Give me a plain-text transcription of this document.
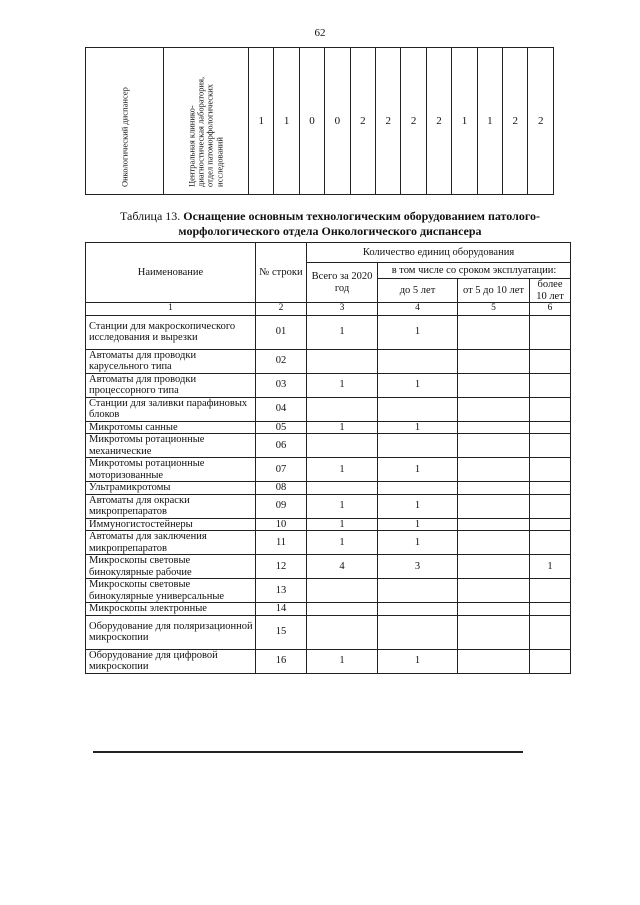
62
Онкологический диспансер	Центральная клинико-диагностическая лаборатория, отдел патоморфологических исследований
	1	1	0	0	2	2	2	2	1	1	2	2
Таблица 13. Оснащение основным технологическим оборудованием патолого-морфологического отдела Онкологического диспансера
Наименование	№ строки	Количество единиц оборудования			
		Всего за 2020 год	в том числе со сроком эксплуатации:		
			до 5 лет	от 5 до 10 лет	более 10 лет
1	2	3	4	5	6
Станции для макроскопического исследования и вырезки	01	1	1		
Автоматы для проводки карусельного типа	02				
Автоматы для проводки процессорного типа	03	1	1		
Станции для заливки парафиновых блоков	04				
Микротомы санные	05	1	1		
Микротомы ротационные механические	06				
Микротомы ротационные моторизованные	07	1	1		
Ультрамикротомы	08				
Автоматы для окраски микропрепаратов	09	1	1		
Иммуногистостейнеры	10	1	1		
Автоматы для заключения микропрепаратов	11	1	1		
Микроскопы световые бинокулярные рабочие	12	4	3		1
Микроскопы световые бинокулярные универсальные	13				
Микроскопы электронные	14				
Оборудование для поляризационной микроскопии	15				
Оборудование для цифровой микроскопии	16	1	1		
